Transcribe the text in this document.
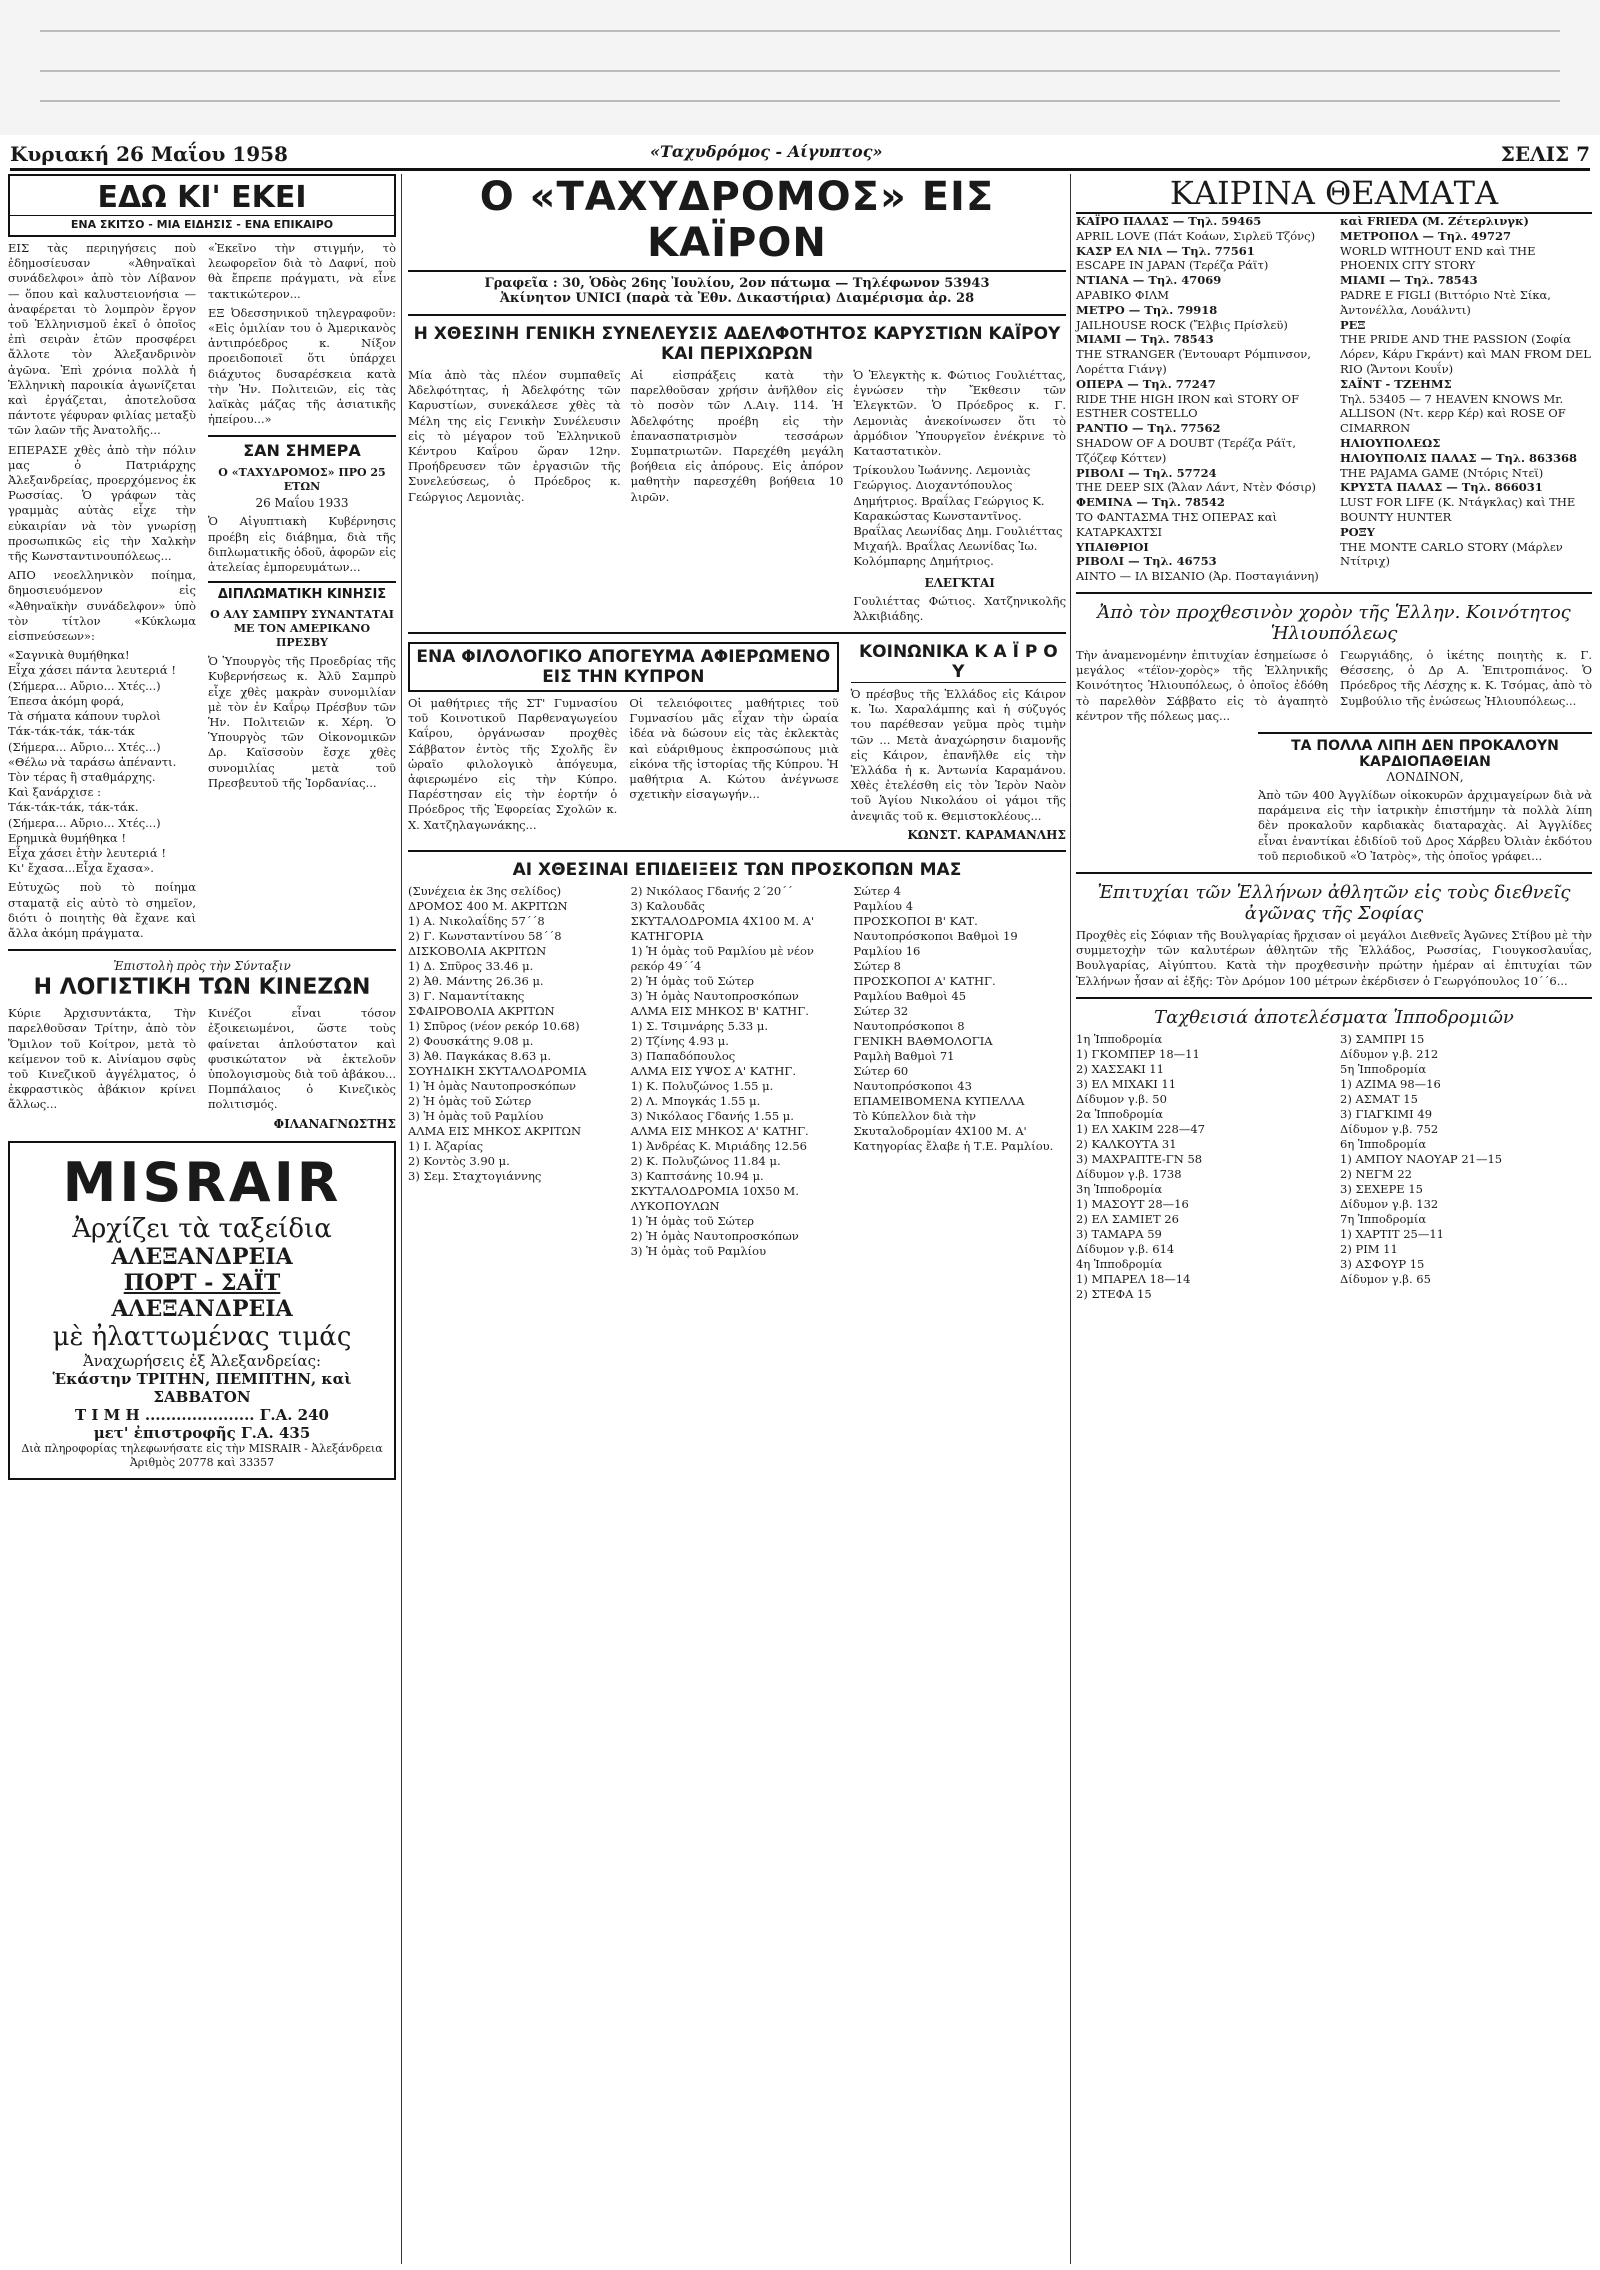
Κυριακή 26 Μαΐου 1958	«Ταχυδρόμος - Αίγυπτος»	ΣΕΛΙΣ 7
ΕΔΩ ΚΙ' ΕΚΕΙ
ΕΝΑ ΣΚΙΤΣΟ - ΜΙΑ ΕΙΔΗΣΙΣ - ΕΝΑ ΕΠΙΚΑΙΡΟ

ΕΙΣ τὰς περιηγήσεις ποὺ ἐδημοσίευσαν «Ἀθηναϊκαὶ συνάδελφοι» ἀπὸ τὸν Λίβανον — ὅπου καὶ καλυστειονήσια — ἀναφέρεται τὸ λομπρὸν ἔργον τοῦ Ἑλληνισμοῦ ἐκεῖ ὁ ὁποῖος ἐπὶ σειρὰν ἐτῶν προσφέρει ἄλλοτε τὸν Ἀλεξανδρινὸν ἀγῶνα. Ἐπὶ χρόνια πολλὰ ἡ Ἑλληνικὴ παροικία ἀγωνίζεται καὶ ἐργάζεται, ἀποτελοῦσα πάντοτε γέφυραν φιλίας μεταξὺ τῶν λαῶν τῆς Ἀνατολῆς...

ΕΠΕΡΑΣΕ χθὲς ἀπὸ τὴν πόλιν μας ὁ Πατριάρχης Ἀλεξανδρείας, προερχόμενος ἐκ Ρωσσίας. Ὁ γράφων τὰς γραμμὰς αὐτὰς εἶχε τὴν εὐκαιρίαν νὰ τὸν γνωρίσῃ προσωπικῶς εἰς τὴν Χαλκὴν τῆς Κωνσταντινουπόλεως...

ΑΠΟ νεοελληνικὸν ποίημα, δημοσιευόμενον εἰς «Ἀθηναϊκὴν συνάδελφον» ὑπὸ τὸν τίτλον «Κύκλωμα εἰσπνεύσεων»:

«Σαγνικὰ θυμήθηκα!
Εἶχα χάσει πάντα λευτεριά !
(Σήμερα... Αὔριο... Χτές...)
Έπεσα ἀκόμη φορά,
Τὰ σήματα κάπουν τυρλοὶ
Τάκ-τάκ-τάκ, τάκ-τάκ
(Σήμερα... Αὔριο... Χτές...)
«Θέλω νὰ ταράσω ἀπέναντι.
Τὸν τέρας ἢ σταθμάρχης.
Καὶ ξανάρχισε :
Τάκ-τάκ-τάκ, τάκ-τάκ.
(Σήμερα... Αὔριο... Χτές...)
Ερημικὰ θυμήθηκα !
Εἶχα χάσει ἐτὴν λευτεριά !
Κι' ἔχασα...Εἶχα ἔχασα».

Εὐτυχῶς ποὺ τὸ ποίημα σταματᾷ εἰς αὐτὸ τὸ σημεῖον, διότι ὁ ποιητὴς θὰ ἔχανε καὶ ἄλλα ἀκόμη πράγματα.

«Ἐκεῖνο τὴν στιγμήν, τὸ λεωφορεῖον διὰ τὸ Δαφνί, ποὺ θὰ ἔπρεπε πράγματι, νὰ εἶνε τακτικώτερον...

ΕΞ Ὀδεσσηνικοῦ τηλεγραφοῦν: «Εἰς ὁμιλίαν του ὁ Ἀμερικανὸς ἀντιπρόεδρος κ. Νίξον προειδοποιεῖ ὅτι ὑπάρχει διάχυτος δυσαρέσκεια κατὰ τὴν Ἡν. Πολιτειῶν, εἰς τὰς λαϊκὰς μάζας τῆς ἀσιατικῆς ἠπείρου...»

ΣΑΝ ΣΗΜΕΡΑ
Ο «ΤΑΧΥΔΡΟΜΟΣ» ΠΡΟ 25 ΕΤΩΝ
26 Μαΐου 1933

Ὁ Αἰγυπτιακὴ Κυβέρνησις προέβη εἰς διάβημα, διὰ τῆς διπλωματικῆς ὁδοῦ, ἀφορῶν εἰς ἀτελείας ἐμπορευμάτων...

ΔΙΠΛΩΜΑΤΙΚΗ ΚΙΝΗΣΙΣ
Ο ΑΛΥ ΣΑΜΠΡΥ ΣΥΝΑΝΤΑΤΑΙ ΜΕ ΤΟΝ ΑΜΕΡΙΚΑΝΟ ΠΡΕΣΒΥ

Ὁ Ὑπουργὸς τῆς Προεδρίας τῆς Κυβερνήσεως κ. Ἀλῦ Σαμπρὺ εἶχε χθὲς μακρὰν συνομιλίαν μὲ τὸν ἐν Καΐρῳ Πρέσβυν τῶν Ἡν. Πολιτειῶν κ. Χέρη. Ὁ Ὑπουργὸς τῶν Οἰκονομικῶν Δρ. Καϊσσοὺν ἔσχε χθὲς συνομιλίας μετὰ τοῦ Πρεσβευτοῦ τῆς Ἰορδανίας...

Ἐπιστολὴ πρὸς τὴν Σύνταξιν
Η ΛΟΓΙΣΤΙΚΗ ΤΩΝ ΚΙΝΕΖΩΝ

Κύριε Ἀρχισυντάκτα, Τὴν παρελθοῦσαν Τρίτην, ἀπὸ τὸν Ὅμιλον τοῦ Κοίτρον, μετὰ τὸ κείμενον τοῦ κ. Αἰνίαμου σφὺς τοῦ Κινεζικοῦ ἀγγέλματος, ὁ ἐκφραστικὸς ἀβάκιον κρίνει ἄλλως...

Κινέζοι εἶναι τόσον ἐξοικειωμένοι, ὥστε τοὺς φαίνεται ἁπλούστατον καὶ φυσικώτατον νὰ ἐκτελοῦν ὑπολογισμοὺς διὰ τοῦ ἀβάκου... Πομπάλαιος ὁ Κινεζικὸς πολιτισμός.

ΦΙΛΑΝΑΓΝΩΣΤΗΣ
MISRAIR
Ἀρχίζει τὰ ταξείδια
ΑΛΕΞΑΝΔΡΕΙΑ
ΠΟΡΤ - ΣΑΪΤ
ΑΛΕΞΑΝΔΡΕΙΑ
μὲ ἠλαττωμένας τιμάς
Ἀναχωρήσεις ἐξ Ἀλεξανδρείας:
Ἑκάστην ΤΡΙΤΗΝ, ΠΕΜΠΤΗΝ, καὶ ΣΑΒΒΑΤΟΝ
Τ Ι Μ Η ..................... Γ.Α. 240
μετ' ἐπιστροφῆς Γ.Α. 435
Διὰ πληροφορίας τηλεφωνήσατε εἰς τὴν MISRAIR - Ἀλεξάνδρεια
Ἀριθμὸς 20778 καὶ 33357
Ο «ΤΑΧΥΔΡΟΜΟΣ» ΕΙΣ ΚΑΪΡΟΝ
Γραφεῖα : 30, Ὁδὸς 26ης Ἰουλίου, 2ον πάτωμα — Τηλέφωνον 53943
Ἀκίνητον UNICI (παρὰ τὰ Ἐθν. Δικαστήρια) Διαμέρισμα ἀρ. 28
Η ΧΘΕΣΙΝΗ ΓΕΝΙΚΗ ΣΥΝΕΛΕΥΣΙΣ ΑΔΕΛΦΟΤΗΤΟΣ ΚΑΡΥΣΤΙΩΝ ΚΑΪΡΟΥ ΚΑΙ ΠΕΡΙΧΩΡΩΝ

Μία ἀπὸ τὰς πλέον συμπαθεῖς Ἀδελφότητας, ἡ Ἀδελφότης τῶν Καρυστίων, συνεκάλεσε χθὲς τὰ Μέλη της εἰς Γενικὴν Συνέλευσιν εἰς τὸ μέγαρον τοῦ Ἑλληνικοῦ Κέντρου Καΐρου ὥραν 12ην. Προήδρευσεν τῶν ἐργασιῶν τῆς Συνελεύσεως, ὁ Πρόεδρος κ. Γεώργιος Λεμονιὰς.

Αἱ εἰσπράξεις κατὰ τὴν παρελθοῦσαν χρήσιν ἀνῆλθον εἰς τὸ ποσὸν τῶν Λ.Αιγ. 114. Ἡ Ἀδελφότης προέβη εἰς τὴν ἐπανασπατρισμὸν τεσσάρων Συμπατριωτῶν. Παρεχέθη μεγάλη βοήθεια εἰς ἀπόρους. Εἰς ἀπόρον μαθητὴν παρεσχέθη βοήθεια 10 λιρῶν.

Ὁ Ἐλεγκτὴς κ. Φώτιος Γουλιέττας, ἐγνώσεν τὴν Ἔκθεσιν τῶν Ἐλεγκτῶν. Ὁ Πρόεδρος κ. Γ. Λεμονιὰς ἀνεκοίνωσεν ὅτι τὸ ἀρμόδιον Ὑπουργεῖον ἐνέκρινε τὸ Καταστατικὸν.

Τρίκουλου Ἰωάννης. Λεμονιὰς Γεώργιος. Διοχαντόπουλος Δημήτριος. Βραΐλας Γεώργιος Κ. Καρακώστας Κωνσταντῖνος. Βραΐλας Λεωνίδας Δημ. Γουλιέττας Μιχαήλ. Βραΐλας Λεωνίδας Ἰω. Κολόμπαρης Δημήτριος.

ΕΛΕΓΚΤΑΙ

Γουλιέττας Φώτιος. Χατζηνικολῆς Ἀλκιβιάδης.

ΕΝΑ ΦΙΛΟΛΟΓΙΚΟ ΑΠΟΓΕΥΜΑ ΑΦΙΕΡΩΜΕΝΟ ΕΙΣ ΤΗΝ ΚΥΠΡΟΝ

Οἱ μαθήτριες τῆς ΣΤ' Γυμνασίου τοῦ Κοινοτικοῦ Παρθεναγωγείου Καΐρου, ὀργάνωσαν προχθὲς Σάββατον ἐντὸς τῆς Σχολῆς ἓν ὡραῖο φιλολογικὸ ἀπόγευμα, ἀφιερωμένο εἰς τὴν Κύπρο. Παρέστησαν εἰς τὴν ἑορτήν ὁ Πρόεδρος τῆς Ἐφορείας Σχολῶν κ. Χ. Χατζηλαγωνάκης...

Οἱ τελειόφοιτες μαθήτριες τοῦ Γυμνασίου μᾶς εἶχαν τὴν ὡραία ἰδέα νὰ δώσουν εἰς τὰς ἐκλεκτὰς καὶ εὐάριθμους ἐκπροσώπους μιὰ εἰκόνα τῆς ἱστορίας τῆς Κύπρου. Ἡ μαθήτρια Α. Κώτου ἀνέγνωσε σχετικὴν εἰσαγωγήν...

ΚΟΙΝΩΝΙΚΑ Κ Α Ϊ Ρ Ο Υ

Ὁ πρέσβυς τῆς Ἑλλάδος εἰς Κάιρον κ. Ἰω. Χαραλάμπης καὶ ἡ σύζυγός του παρέθεσαν γεῦμα πρὸς τιμὴν τῶν ... Μετὰ ἀναχώρησιν διαμονῆς εἰς Κάιρον, ἐπανῆλθε εἰς τὴν Ἑλλάδα ἡ κ. Ἀντωνία Καραμάνου. Χθὲς ἐτελέσθη εἰς τὸν Ἱερὸν Ναὸν τοῦ Ἁγίου Νικολάου οἱ γάμοι τῆς ἀνεψιᾶς τοῦ κ. Θεμιστοκλέους...

ΚΩΝΣΤ. ΚΑΡΑΜΑΝΛΗΣ
ΑΙ ΧΘΕΣΙΝΑΙ ΕΠΙΔΕΙΞΕΙΣ ΤΩΝ ΠΡΟΣΚΟΠΩΝ ΜΑΣ

(Συνέχεια ἐκ 3ης σελίδος)
ΔΡΟΜΟΣ 400 Μ. ΑΚΡΙΤΩΝ
1) Α. Νικολαΐδης 57΄΄8
2) Γ. Κωνσταντίνου 58΄΄8
ΔΙΣΚΟΒΟΛΙΑ ΑΚΡΙΤΩΝ
1) Δ. Σπῦρος 33.46 μ.
2) Ἀθ. Μάντης 26.36 μ.
3) Γ. Ναμαντίτακης
ΣΦΑΙΡΟΒΟΛΙΑ ΑΚΡΙΤΩΝ
1) Σπῦρος (νέον ρεκόρ 10.68)
2) Φουσκάτης 9.08 μ.
3) Ἀθ. Παγκάκας 8.63 μ.
ΣΟΥΗΔΙΚΗ ΣΚΥΤΑΛΟΔΡΟΜΙΑ
1) Ἡ ὁμὰς Ναυτοπροσκόπων
2) Ἡ ὁμὰς τοῦ Σώτερ
3) Ἡ ὁμὰς τοῦ Ραμλίου
ΑΛΜΑ ΕΙΣ ΜΗΚΟΣ ΑΚΡΙΤΩΝ
1) Ι. Ἀζαρίας
2) Κοντὸς 3.90 μ.
3) Σεμ. Σταχτογιάννης

2) Νικόλαος Γδανής 2΄20΄΄
3) Καλουδᾶς
ΣΚΥΤΑΛΟΔΡΟΜΙΑ 4Χ100 Μ. Α' ΚΑΤΗΓΟΡΙΑ
1) Ἡ ὁμὰς τοῦ Ραμλίου μὲ νέον ρεκόρ 49΄΄4
2) Ἡ ὁμὰς τοῦ Σώτερ
3) Ἡ ὁμὰς Ναυτοπροσκόπων
ΑΛΜΑ ΕΙΣ ΜΗΚΟΣ Β' ΚΑΤΗΓ.
1) Σ. Τσιμνάρης 5.33 μ.
2) Τζίνης 4.93 μ.
3) Παπαδόπουλος
ΑΛΜΑ ΕΙΣ ΥΨΟΣ Α' ΚΑΤΗΓ.
1) Κ. Πολυζώνος 1.55 μ.
2) Λ. Μπογκάς 1.55 μ.
3) Νικόλαος Γδανής 1.55 μ.
ΑΛΜΑ ΕΙΣ ΜΗΚΟΣ Α' ΚΑΤΗΓ.
1) Ἀνδρέας Κ. Μιριάδης 12.56
2) Κ. Πολυζώνος 11.84 μ.
3) Καπτσάνης 10.94 μ.
ΣΚΥΤΑΛΟΔΡΟΜΙΑ 10Χ50 Μ. ΛΥΚΟΠΟΥΛΩΝ
1) Ἡ ὁμὰς τοῦ Σώτερ
2) Ἡ ὁμὰς Ναυτοπροσκόπων
3) Ἡ ὁμὰς τοῦ Ραμλίου

Σώτερ 4
Ραμλίου 4
ΠΡΟΣΚΟΠΟΙ Β' ΚΑΤ.
Ναυτοπρόσκοποι Βαθμοὶ 19
Ραμλίου 16
Σώτερ 8
ΠΡΟΣΚΟΠΟΙ Α' ΚΑΤΗΓ.
Ραμλίου Βαθμοὶ 45
Σώτερ 32
Ναυτοπρόσκοποι 8
ΓΕΝΙΚΗ ΒΑΘΜΟΛΟΓΙΑ
Ραμλὴ Βαθμοὶ 71
Σώτερ 60
Ναυτοπρόσκοποι 43
ΕΠΑΜΕΙΒΟΜΕΝΑ ΚΥΠΕΛΛΑ
Τὸ Κύπελλον διὰ τὴν Σκυταλοδρομίαν 4Χ100 Μ. Α' Κατηγορίας ἔλαβε ἡ Τ.Ε. Ραμλίου.

ΚΑΙΡΙΝΑ ΘΕΑΜΑΤΑ
ΚΑΪΡΟ ΠΑΛΑΣ — Τηλ. 59465
APRIL LOVE (Πάτ Κοάων, Σιρλεϋ Τζόνς)
ΚΑΣΡ ΕΛ ΝΙΛ — Τηλ. 77561
ESCAPE IN JAPAN (Τερέζα Ράϊτ)
ΝΤΙΑΝΑ — Τηλ. 47069
ΑΡΑΒΙΚΟ ΦΙΛΜ
ΜΕΤΡΟ — Τηλ. 79918
JAILHOUSE ROCK (Ἔλβις Πρίσλεϋ)
ΜΙΑΜΙ — Τηλ. 78543
THE STRANGER (Ἐντουαρτ Ρόμπινσον, Λορέττα Γιάνγ)
ΟΠΕΡΑ — Τηλ. 77247
RIDE THE HIGH IRON καὶ STORY OF ESTHER COSTELLO
ΡΑΝΤΙΟ — Τηλ. 77562
SHADOW OF A DOUBT (Τερέζα Ράϊτ, Τζόζεφ Κόττεν)
ΡΙΒΟΛΙ — Τηλ. 57724
THE DEEP SIX (Ἄλαν Λάντ, Ντὲν Φόσιρ)
ΦΕΜΙΝΑ — Τηλ. 78542
ΤΟ ΦΑΝΤΑΣΜΑ ΤΗΣ ΟΠΕΡΑΣ καὶ ΚΑΤΑΡΚΑΧΤΣΙ
ΥΠΑΙΘΡΙΟΙ
ΡΙΒΟΛΙ — Τηλ. 46753
ΑΙΝΤΟ — ΙΛ ΒΙΣΑΝΙΟ (Ἀρ. Ποσταγιάννη)
καὶ FRIEDA (Μ. Ζέτερλινγκ)
ΜΕΤΡΟΠΟΛ — Τηλ. 49727
WORLD WITHOUT END καὶ THE PHOENIX CITY STORY
ΜΙΑΜΙ — Τηλ. 78543
PADRE E FIGLI (Βιττόριο Ντὲ Σίκα, Ἀντονέλλα, Λουάλντι)
ΡΕΞ
THE PRIDE AND THE PASSION (Σοφία Λόρεν, Κάρυ Γκράντ) καὶ MAN FROM DEL RIO (Ἄντονι Κουΐν)
ΣΑΪΝΤ - ΤΖΕΗΜΣ
Τηλ. 53405 — 7 HEAVEN KNOWS Mr. ALLISON (Ντ. κερρ Κέρ) καὶ ROSE OF CIMARRON
ΗΛΙΟΥΠΟΛΕΩΣ
ΗΛΙΟΥΠΟΛΙΣ ΠΑΛΑΣ — Τηλ. 863368
THE PAJAMA GAME (Ντόρις Ντεϊ)
ΚΡΥΣΤΑ ΠΑΛΑΣ — Τηλ. 866031
LUST FOR LIFE (Κ. Ντάγκλας) καὶ THE BOUNTY HUNTER
ΡΟΞΥ
THE MONTE CARLO STORY (Μάρλεν Ντίτριχ)
Ἀπὸ τὸν προχθεσινὸν χορὸν τῆς Ἑλλην. Κοινότητος Ἡλιουπόλεως

Τὴν ἀναμενομένην ἐπιτυχίαν ἐσημείωσε ὁ μεγάλος «τέϊον-χορὸς» τῆς Ἑλληνικῆς Κοινότητος Ἡλιουπόλεως, ὁ ὁποῖος ἐδόθη τὸ παρελθὸν Σάββατο εἰς τὸ ἀγαπητὸ κέντρον τῆς πόλεως μας...

Γεωργιάδης, ὁ ἱκέτης ποιητὴς κ. Γ. Θέσσεης, ὁ Δρ Α. Ἐπιτροπιάνος. Ὁ Πρόεδρος τῆς Λέσχης κ. Κ. Τσόμας, ἀπὸ τὸ Συμβούλιο τῆς ἐνώσεως Ἡλιουπόλεως...

ΤΑ ΠΟΛΛΑ ΛΙΠΗ ΔΕΝ ΠΡΟΚΑΛΟΥΝ ΚΑΡΔΙΟΠΑΘΕΙΑΝ
ΛΟΝΔΙΝΟΝ,

Ἀπὸ τῶν 400 Ἀγγλίδων οἰκοκυρῶν ἀρχιμαγείρων διὰ νὰ παράμεινα εἰς τὴν ἰατρικὴν ἐπιστήμην τὰ πολλὰ λίπη δὲν προκαλοῦν καρδιακὰς διαταραχὰς. Αἱ Ἀγγλίδες εἶναι ἐναντίκαι ἐδιδίοῦ τοῦ Δρος Χάρβευ Ὀλιὰν ἐκδότου τοῦ περιοδικοῦ «Ὁ Ἰατρὸς», τὴς ὁποῖος γράφει...

Ἐπιτυχίαι τῶν Ἑλλήνων ἀθλητῶν εἰς τοὺς διεθνεῖς ἀγῶνας τῆς Σοφίας

Προχθὲς εἰς Σόφιαν τῆς Βουλγαρίας ἤρχισαν οἱ μεγάλοι Διεθνεῖς Ἀγῶνες Στίβου μὲ τὴν συμμετοχὴν τῶν καλυτέρων ἀθλητῶν τῆς Ἑλλάδος, Ρωσσίας, Γιουγκοσλαυΐας, Βουλγαρίας, Αἰγύπτου. Κατὰ τὴν προχθεσινὴν πρώτην ἡμέραν αἱ ἐπιτυχίαι τῶν Ἑλλήνων ἦσαν αἱ ἑξῆς: Τὸν Δρόμον 100 μέτρων ἐκέρδισεν ὁ Γεωργόπουλος 10΄΄6...

Ταχθεισιά ἀποτελέσματα Ἱπποδρομιῶν

1η Ἱπποδρομία
1) ΓΚΟΜΠΕΡ 18—11
2) ΧΑΣΣΑΚΙ 11
3) ΕΛ ΜΙΧΑΚΙ 11
Δίδυμον γ.β. 50
2α Ἱπποδρομία
1) ΕΛ ΧΑΚΙΜ 228—47
2) ΚΑΛΚΟΥΤΑ 31
3) ΜΑΧΡΑΠΤΕ-ΓΝ 58
Δίδυμον γ.β. 1738
3η Ἱπποδρομία
1) ΜΑΣΟΥΤ 28—16
2) ΕΛ ΣΑΜΙΕΤ 26
3) ΤΑΜΑΡΑ 59
Δίδυμον γ.β. 614
4η Ἱπποδρομία
1) ΜΠΑΡΕΛ 18—14
2) ΣΤΕΦΑ 15

3) ΣΑΜΠΡΙ 15
Δίδυμον γ.β. 212
5η Ἱπποδρομία
1) ΑΖΙΜΑ 98—16
2) ΑΣΜΑΤ 15
3) ΓΙΑΓΚΙΜΙ 49
Δίδυμον γ.β. 752
6η Ἱπποδρομία
1) ΑΜΠΟΥ ΝΑΟΥΑΡ 21—15
2) ΝΕΓΜ 22
3) ΣΕΧΕΡΕ 15
Δίδυμον γ.β. 132
7η Ἱπποδρομία
1) ΧΑΡΤΙΤ 25—11
2) ΡΙΜ 11
3) ΑΣΦΟΥΡ 15
Δίδυμον γ.β. 65
